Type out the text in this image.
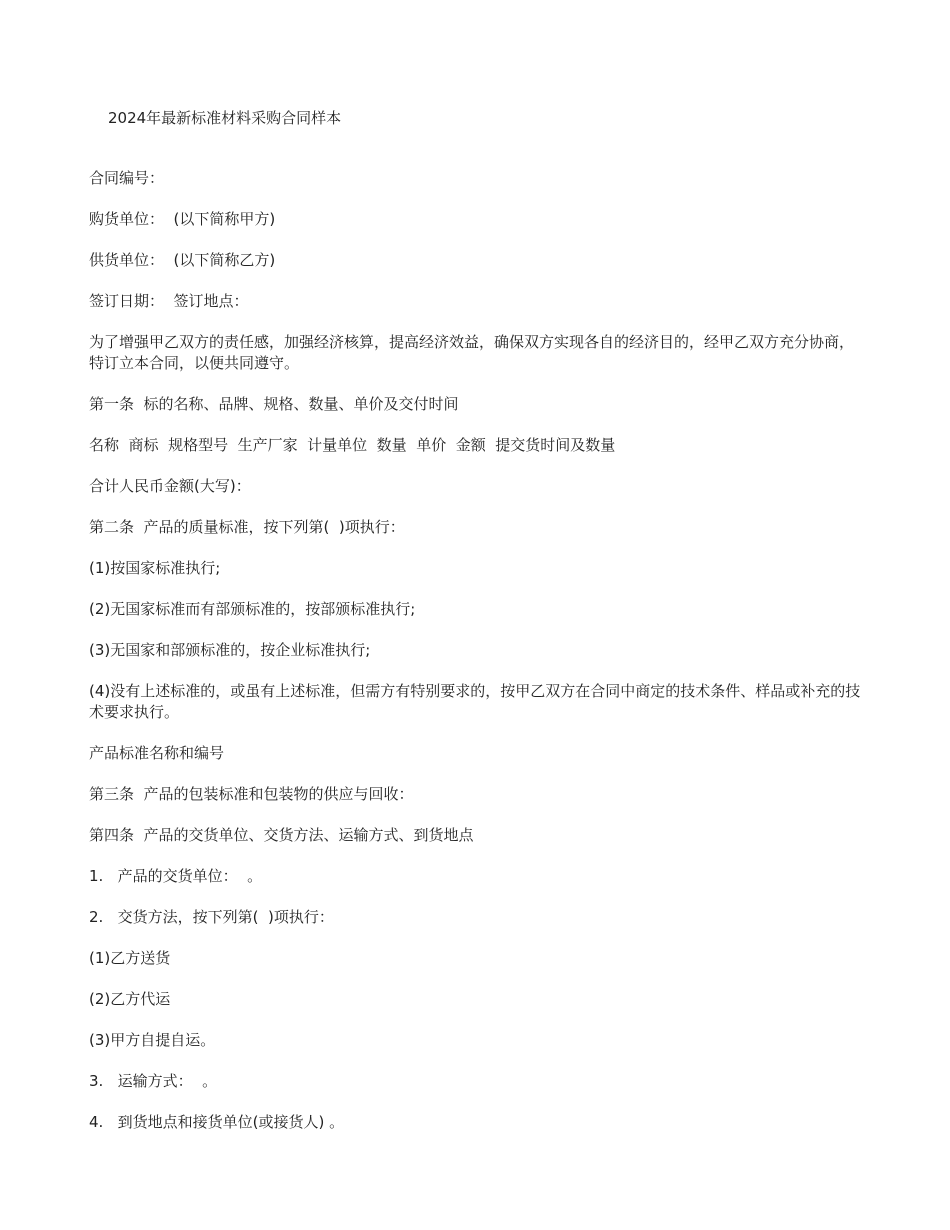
2024年最新标准材料采购合同样本

合同编号：

购货单位：  (以下简称甲方)

供货单位：  (以下简称乙方)

签订日期：  签订地点：

为了增强甲乙双方的责任感，加强经济核算，提高经济效益，确保双方实现各自的经济目的，经甲乙双方充分协商，特订立本合同，以便共同遵守。

第一条  标的名称、品牌、规格、数量、单价及交付时间

名称  商标  规格型号  生产厂家  计量单位  数量  单价  金额  提交货时间及数量

合计人民币金额(大写)：

第二条  产品的质量标准，按下列第(  )项执行：

(1)按国家标准执行;

(2)无国家标准而有部颁标准的，按部颁标准执行;

(3)无国家和部颁标准的，按企业标准执行;

(4)没有上述标准的，或虽有上述标准，但需方有特别要求的，按甲乙双方在合同中商定的技术条件、样品或补充的技术要求执行。

产品标准名称和编号

第三条  产品的包装标准和包装物的供应与回收：

第四条  产品的交货单位、交货方法、运输方式、到货地点

1.   产品的交货单位：  。

2.   交货方法，按下列第(  )项执行：

(1)乙方送货

(2)乙方代运

(3)甲方自提自运。

3.   运输方式：  。

4.   到货地点和接货单位(或接货人) 。
